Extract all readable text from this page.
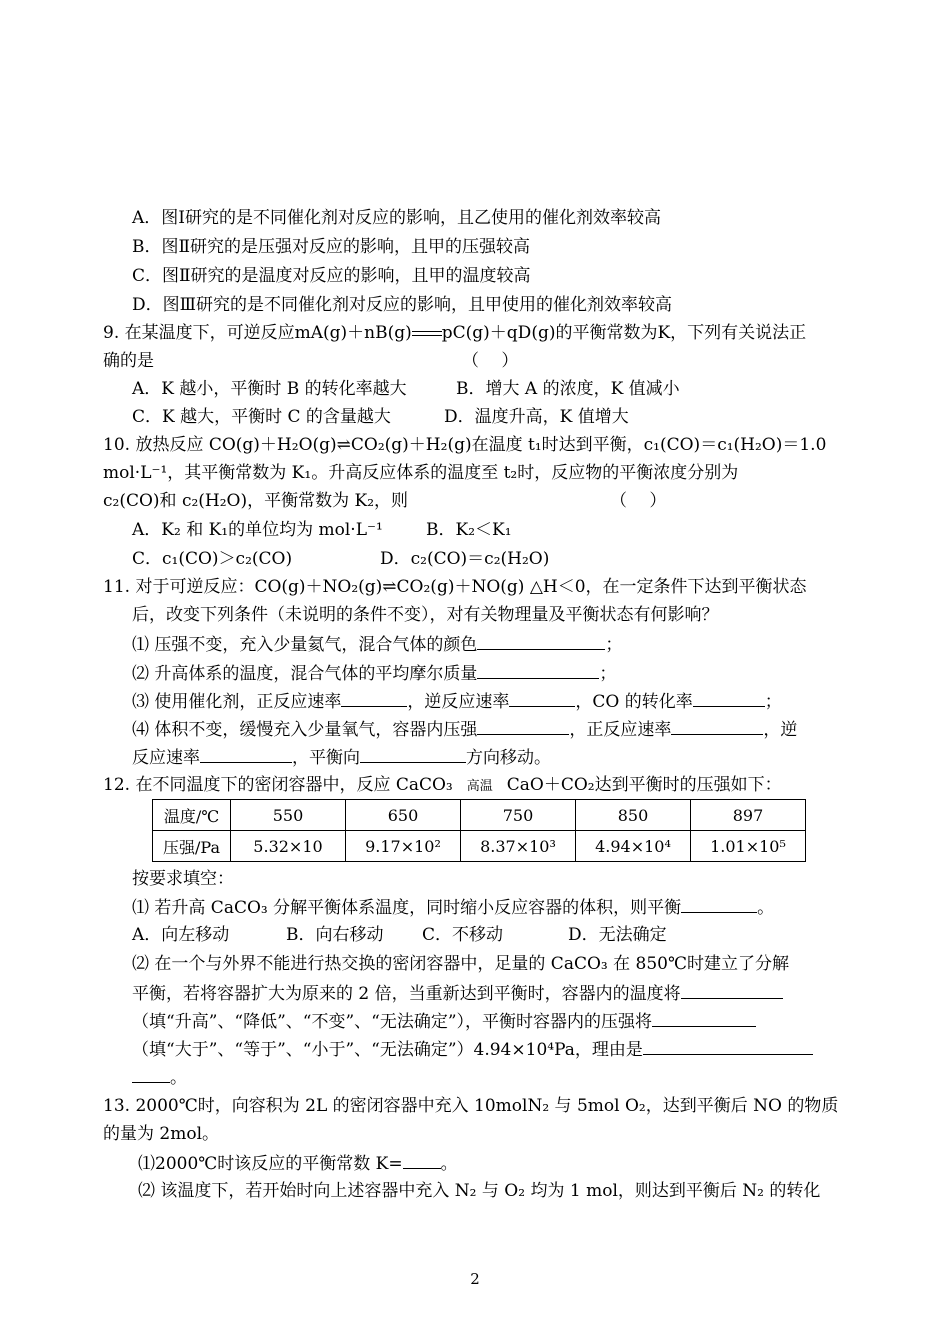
A．图Ⅰ研究的是不同催化剂对反应的影响，且乙使用的催化剂效率较高
B．图Ⅱ研究的是压强对反应的影响，且甲的压强较高
C．图Ⅱ研究的是温度对反应的影响，且甲的温度较高
D．图Ⅲ研究的是不同催化剂对反应的影响，且甲使用的催化剂效率较高
9. 在某温度下，可逆反应mA(g)＋nB(g) pC(g)＋qD(g)的平衡常数为K，下列有关说法正
确的是	（　 ）
A．K 越小，平衡时 B 的转化率越大	B．增大 A 的浓度，K 值减小
C．K 越大，平衡时 C 的含量越大	D．温度升高，K 值增大
10. 放热反应 CO(g)＋H₂O(g)⇌CO₂(g)＋H₂(g)在温度 t₁时达到平衡，c₁(CO)＝c₁(H₂O)＝1.0
mol·L⁻¹，其平衡常数为 K₁。升高反应体系的温度至 t₂时，反应物的平衡浓度分别为
c₂(CO)和 c₂(H₂O)，平衡常数为 K₂，则	（　 ）
A．K₂ 和 K₁的单位均为 mol·L⁻¹	B．K₂＜K₁
C．c₁(CO)＞c₂(CO)	D．c₂(CO)＝c₂(H₂O)
11. 对于可逆反应：CO(g)＋NO₂(g)⇌CO₂(g)＋NO(g) △H＜0，在一定条件下达到平衡状态
后，改变下列条件（未说明的条件不变），对有关物理量及平衡状态有何影响？
⑴ 压强不变，充入少量氦气，混合气体的颜色	；
⑵ 升高体系的温度，混合气体的平均摩尔质量	；
⑶ 使用催化剂，正反应速率	，逆反应速率	，CO 的转化率	；
⑷ 体积不变，缓慢充入少量氧气，容器内压强	，正反应速率	，逆
反应速率	，平衡向	方向移动。
12. 在不同温度下的密闭容器中，反应 CaCO₃ 高温 CaO＋CO₂达到平衡时的压强如下：
温度/℃	550	650	750	850	897
压强/Pa	5.32×10	9.17×10²	8.37×10³	4.94×10⁴	1.01×10⁵
按要求填空：
⑴ 若升高 CaCO₃ 分解平衡体系温度，同时缩小反应容器的体积，则平衡	。
A．向左移动	B．向右移动 C．不移动	D．无法确定
⑵ 在一个与外界不能进行热交换的密闭容器中，足量的 CaCO₃ 在 850℃时建立了分解
平衡，若将容器扩大为原来的 2 倍，当重新达到平衡时，容器内的温度将
（填“升高”、“降低”、“不变”、“无法确定”），平衡时容器内的压强将
（填“大于”、“等于”、“小于”、“无法确定”）4.94×10⁴Pa，理由是
。
13. 2000℃时，向容积为 2L 的密闭容器中充入 10molN₂ 与 5mol O₂，达到平衡后 NO 的物质
的量为 2mol。
⑴2000℃时该反应的平衡常数 K= 。
⑵ 该温度下，若开始时向上述容器中充入 N₂ 与 O₂ 均为 1 mol，则达到平衡后 N₂ 的转化
2
